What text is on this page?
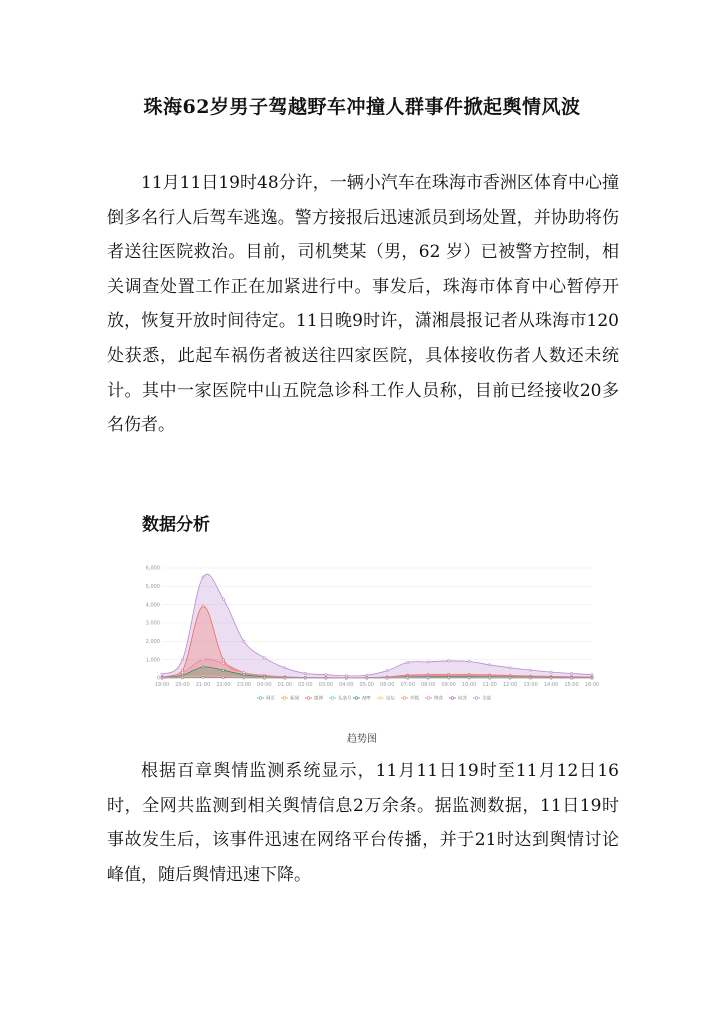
珠海62岁男子驾越野车冲撞人群事件掀起舆情风波

11月11日19时48分许，一辆小汽车在珠海市香洲区体育中心撞倒多名行人后驾车逃逸。警方接报后迅速派员到场处置，并协助将伤者送往医院救治。目前，司机樊某（男，62 岁）已被警方控制，相关调查处置工作正在加紧进行中。事发后，珠海市体育中心暂停开放，恢复开放时间待定。11日晚9时许，潇湘晨报记者从珠海市120处获悉，此起车祸伤者被送往四家医院，具体接收伤者人数还未统计。其中一家医院中山五院急诊科工作人员称，目前已经接收20多名伤者。

数据分析
0
1,000
2,000
3,000
4,000
5,000
6,000
19:00 20:00 21:00 22:00 23:00 00:00 01:00 02:00 03:00 04:00 05:00 06:00 07:00 08:00 09:00 10:00 11:00 12:00 13:00 14:00 15:00 16:00
网页	新闻	微博	头条号 APP	论坛	外媒	博客	问答	全部

趋势图

根据百章舆情监测系统显示，11月11日19时至11月12日16时，全网共监测到相关舆情信息2万余条。据监测数据，11日19时事故发生后，该事件迅速在网络平台传播，并于21时达到舆情讨论峰值，随后舆情迅速下降。
